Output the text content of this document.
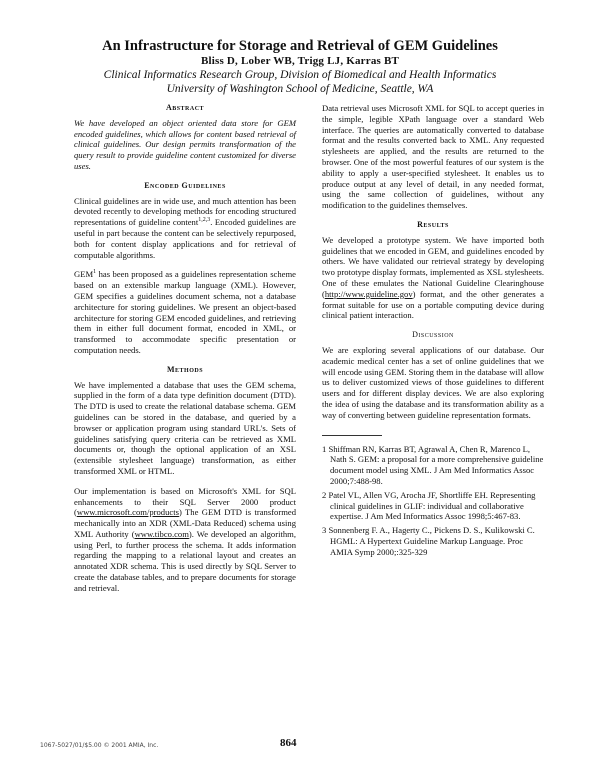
An Infrastructure for Storage and Retrieval of GEM Guidelines

Bliss D, Lober WB, Trigg LJ, Karras BT

Clinical Informatics Research Group, Division of Biomedical and Health Informatics

University of Washington School of Medicine, Seattle, WA

Abstract

We have developed an object oriented data store for GEM encoded guidelines, which allows for content based retrieval of clinical guidelines. Our design permits transformation of the query result to provide guideline content customized for diverse uses.

Encoded Guidelines

Clinical guidelines are in wide use, and much attention has been devoted recently to developing methods for encoding structured representations of guideline content$^{1,2,3}$. Encoded guidelines are useful in part because the content can be selectively repurposed, both for content display applications and for retrieval of computable algorithms.

GEM$^1$ has been proposed as a guidelines representation scheme based on an extensible markup language (XML). However, GEM specifies a guidelines document schema, not a database architecture for storing guidelines. We present an object-based architecture for storing GEM encoded guidelines, and retrieving them in either full document format, encoded in XML, or transformed to accommodate specific presentation or computation needs.

Methods

We have implemented a database that uses the GEM schema, supplied in the form of a data type definition document (DTD). The DTD is used to create the relational database schema. GEM guidelines can be stored in the database, and queried by a browser or application program using standard URL's. Sets of guidelines satisfying query criteria can be retrieved as XML documents or, though the optional application of an XSL (extensible stylesheet language) transformation, as either transformed XML or HTML.

Our implementation is based on Microsoft's XML for SQL enhancements to their SQL Server 2000 product (www.microsoft.com/products) The GEM DTD is transformed mechanically into an XDR (XML-Data Reduced) schema using XML Authority (www.tibco.com). We developed an algorithm, using Perl, to further process the schema. It adds information regarding the mapping to a relational layout and creates an annotated XDR schema. This is used directly by SQL Server to create the database tables, and to prepare documents for storage and retrieval.

Data retrieval uses Microsoft XML for SQL to accept queries in the simple, legible XPath language over a standard Web interface. The queries are automatically converted to database format and the results converted back to XML. Any requested stylesheets are applied, and the results are returned to the browser. One of the most powerful features of our system is the ability to apply a user-specified stylesheet. It enables us to produce output at any level of detail, in any needed format, using the same collection of guidelines, without any modification to the guidelines themselves.

Results

We developed a prototype system. We have imported both guidelines that we encoded in GEM, and guidelines encoded by others. We have validated our retrieval strategy by developing two prototype display formats, implemented as XSL stylesheets. One of these emulates the National Guideline Clearinghouse (http://www.guideline.gov) format, and the other generates a format suitable for use on a portable computing device during clinical patient interaction.

Discussion

We are exploring several applications of our database. Our academic medical center has a set of online guidelines that we will encode using GEM. Storing them in the database will allow us to deliver customized views of those guidelines to different users and for different display devices. We are also exploring the idea of using the database and its transformation ability as a way of converting between guideline representation formats.

1 Shiffman RN, Karras BT, Agrawal A, Chen R, Marenco L, Nath S. GEM: a proposal for a more comprehensive guideline document model using XML. J Am Med Informatics Assoc 2000;7:488-98.
2 Patel VL, Allen VG, Arocha JF, Shortliffe EH. Representing clinical guidelines in GLIF: individual and collaborative expertise. J Am Med Informatics Assoc 1998;5:467-83.
3 Sonnenberg F. A., Hagerty C., Pickens D. S., Kulikowski C. HGML: A Hypertext Guideline Markup Language. Proc AMIA Symp 2000;:325-329
1067-5027/01/$5.00 © 2001 AMIA, Inc.	864
